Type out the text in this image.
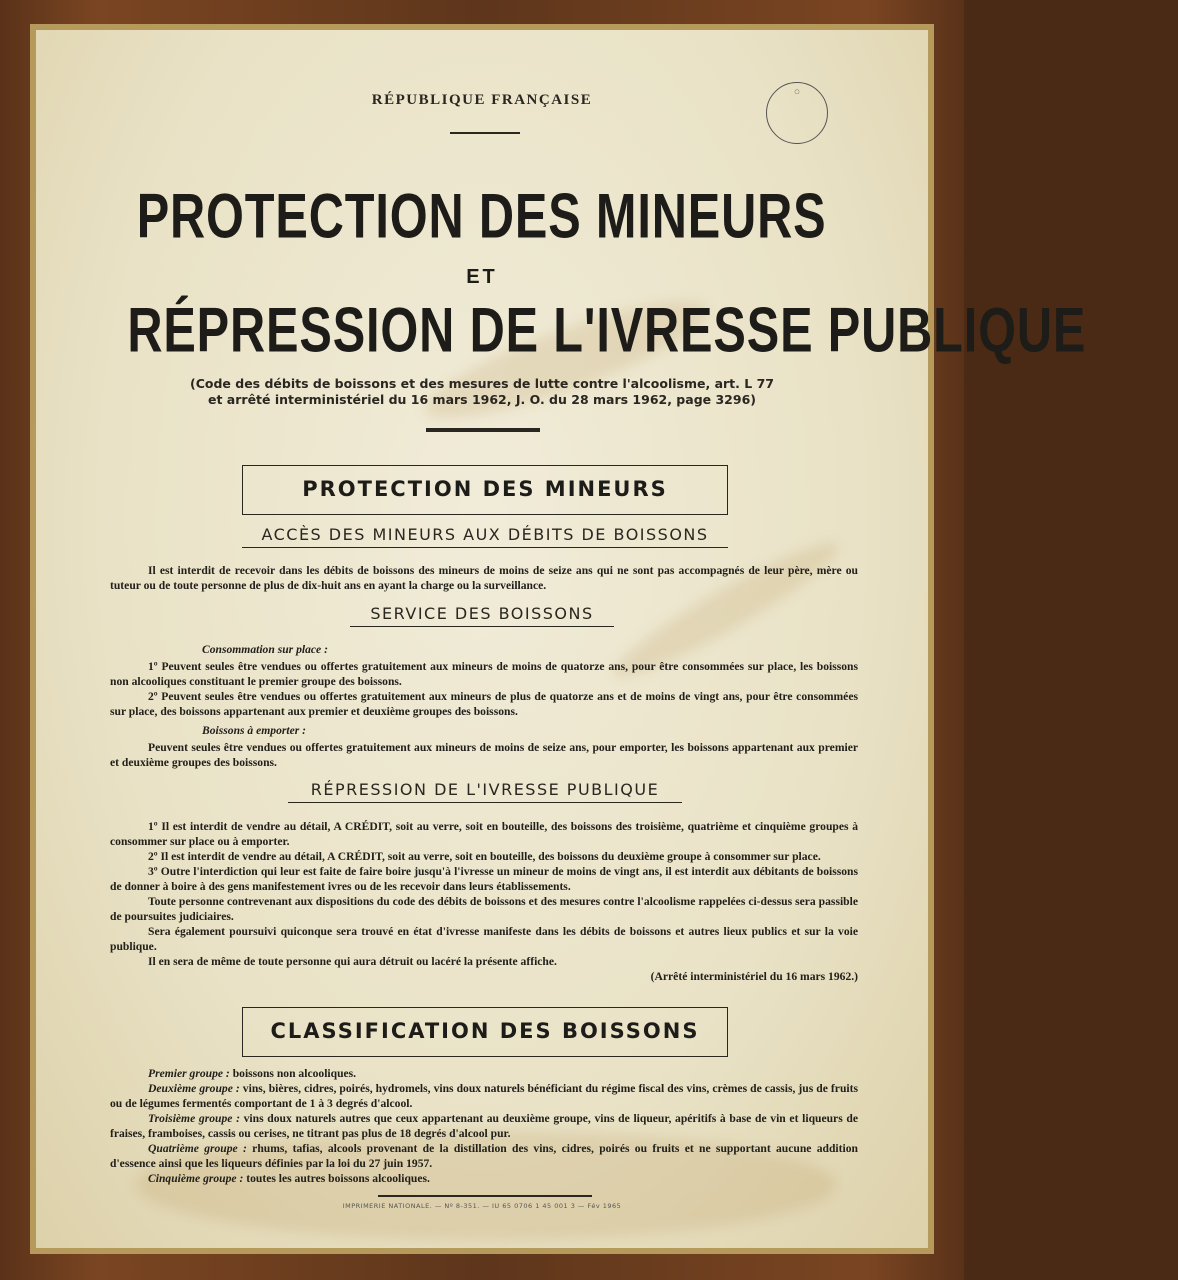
◯
RÉPUBLIQUE FRANÇAISE
PROTECTION DES MINEURS
ET
RÉPRESSION DE L'IVRESSE PUBLIQUE
(Code des débits de boissons et des mesures de lutte contre l'alcoolisme, art. L 77
et arrêté interministériel du 16 mars 1962, J. O. du 28 mars 1962, page 3296)
PROTECTION DES MINEURS
ACCÈS DES MINEURS AUX DÉBITS DE BOISSONS

Il est interdit de recevoir dans les débits de boissons des mineurs de moins de seize ans qui ne sont pas accompagnés de leur père, mère ou tuteur ou de toute personne de plus de dix-huit ans en ayant la charge ou la surveillance.

SERVICE DES BOISSONS

Consommation sur place :

1º Peuvent seules être vendues ou offertes gratuitement aux mineurs de moins de quatorze ans, pour être consommées sur place, les boissons non alcooliques constituant le premier groupe des boissons.

2º Peuvent seules être vendues ou offertes gratuitement aux mineurs de plus de quatorze ans et de moins de vingt ans, pour être consommées sur place, des boissons appartenant aux premier et deuxième groupes des boissons.

Boissons à emporter :

Peuvent seules être vendues ou offertes gratuitement aux mineurs de moins de seize ans, pour emporter, les boissons appartenant aux premier et deuxième groupes des boissons.

RÉPRESSION DE L'IVRESSE PUBLIQUE

1º Il est interdit de vendre au détail, A CRÉDIT, soit au verre, soit en bouteille, des boissons des troisième, quatrième et cinquième groupes à consommer sur place ou à emporter.

2º Il est interdit de vendre au détail, A CRÉDIT, soit au verre, soit en bouteille, des boissons du deuxième groupe à consommer sur place.

3º Outre l'interdiction qui leur est faite de faire boire jusqu'à l'ivresse un mineur de moins de vingt ans, il est interdit aux débitants de boissons de donner à boire à des gens manifestement ivres ou de les recevoir dans leurs établissements.

Toute personne contrevenant aux dispositions du code des débits de boissons et des mesures contre l'alcoolisme rappelées ci-dessus sera passible de poursuites judiciaires.

Sera également poursuivi quiconque sera trouvé en état d'ivresse manifeste dans les débits de boissons et autres lieux publics et sur la voie publique.

Il en sera de même de toute personne qui aura détruit ou lacéré la présente affiche.

(Arrêté interministériel du 16 mars 1962.)

CLASSIFICATION DES BOISSONS

Premier groupe : boissons non alcooliques.

Deuxième groupe : vins, bières, cidres, poirés, hydromels, vins doux naturels bénéficiant du régime fiscal des vins, crèmes de cassis, jus de fruits ou de légumes fermentés comportant de 1 à 3 degrés d'alcool.

Troisième groupe : vins doux naturels autres que ceux appartenant au deuxième groupe, vins de liqueur, apéritifs à base de vin et liqueurs de fraises, framboises, cassis ou cerises, ne titrant pas plus de 18 degrés d'alcool pur.

Quatrième groupe : rhums, tafias, alcools provenant de la distillation des vins, cidres, poirés ou fruits et ne supportant aucune addition d'essence ainsi que les liqueurs définies par la loi du 27 juin 1957.

Cinquième groupe : toutes les autres boissons alcooliques.

IMPRIMERIE NATIONALE. — Nº 8-351. — IU 65 0706 1 45 001 3 — Fév 1965
